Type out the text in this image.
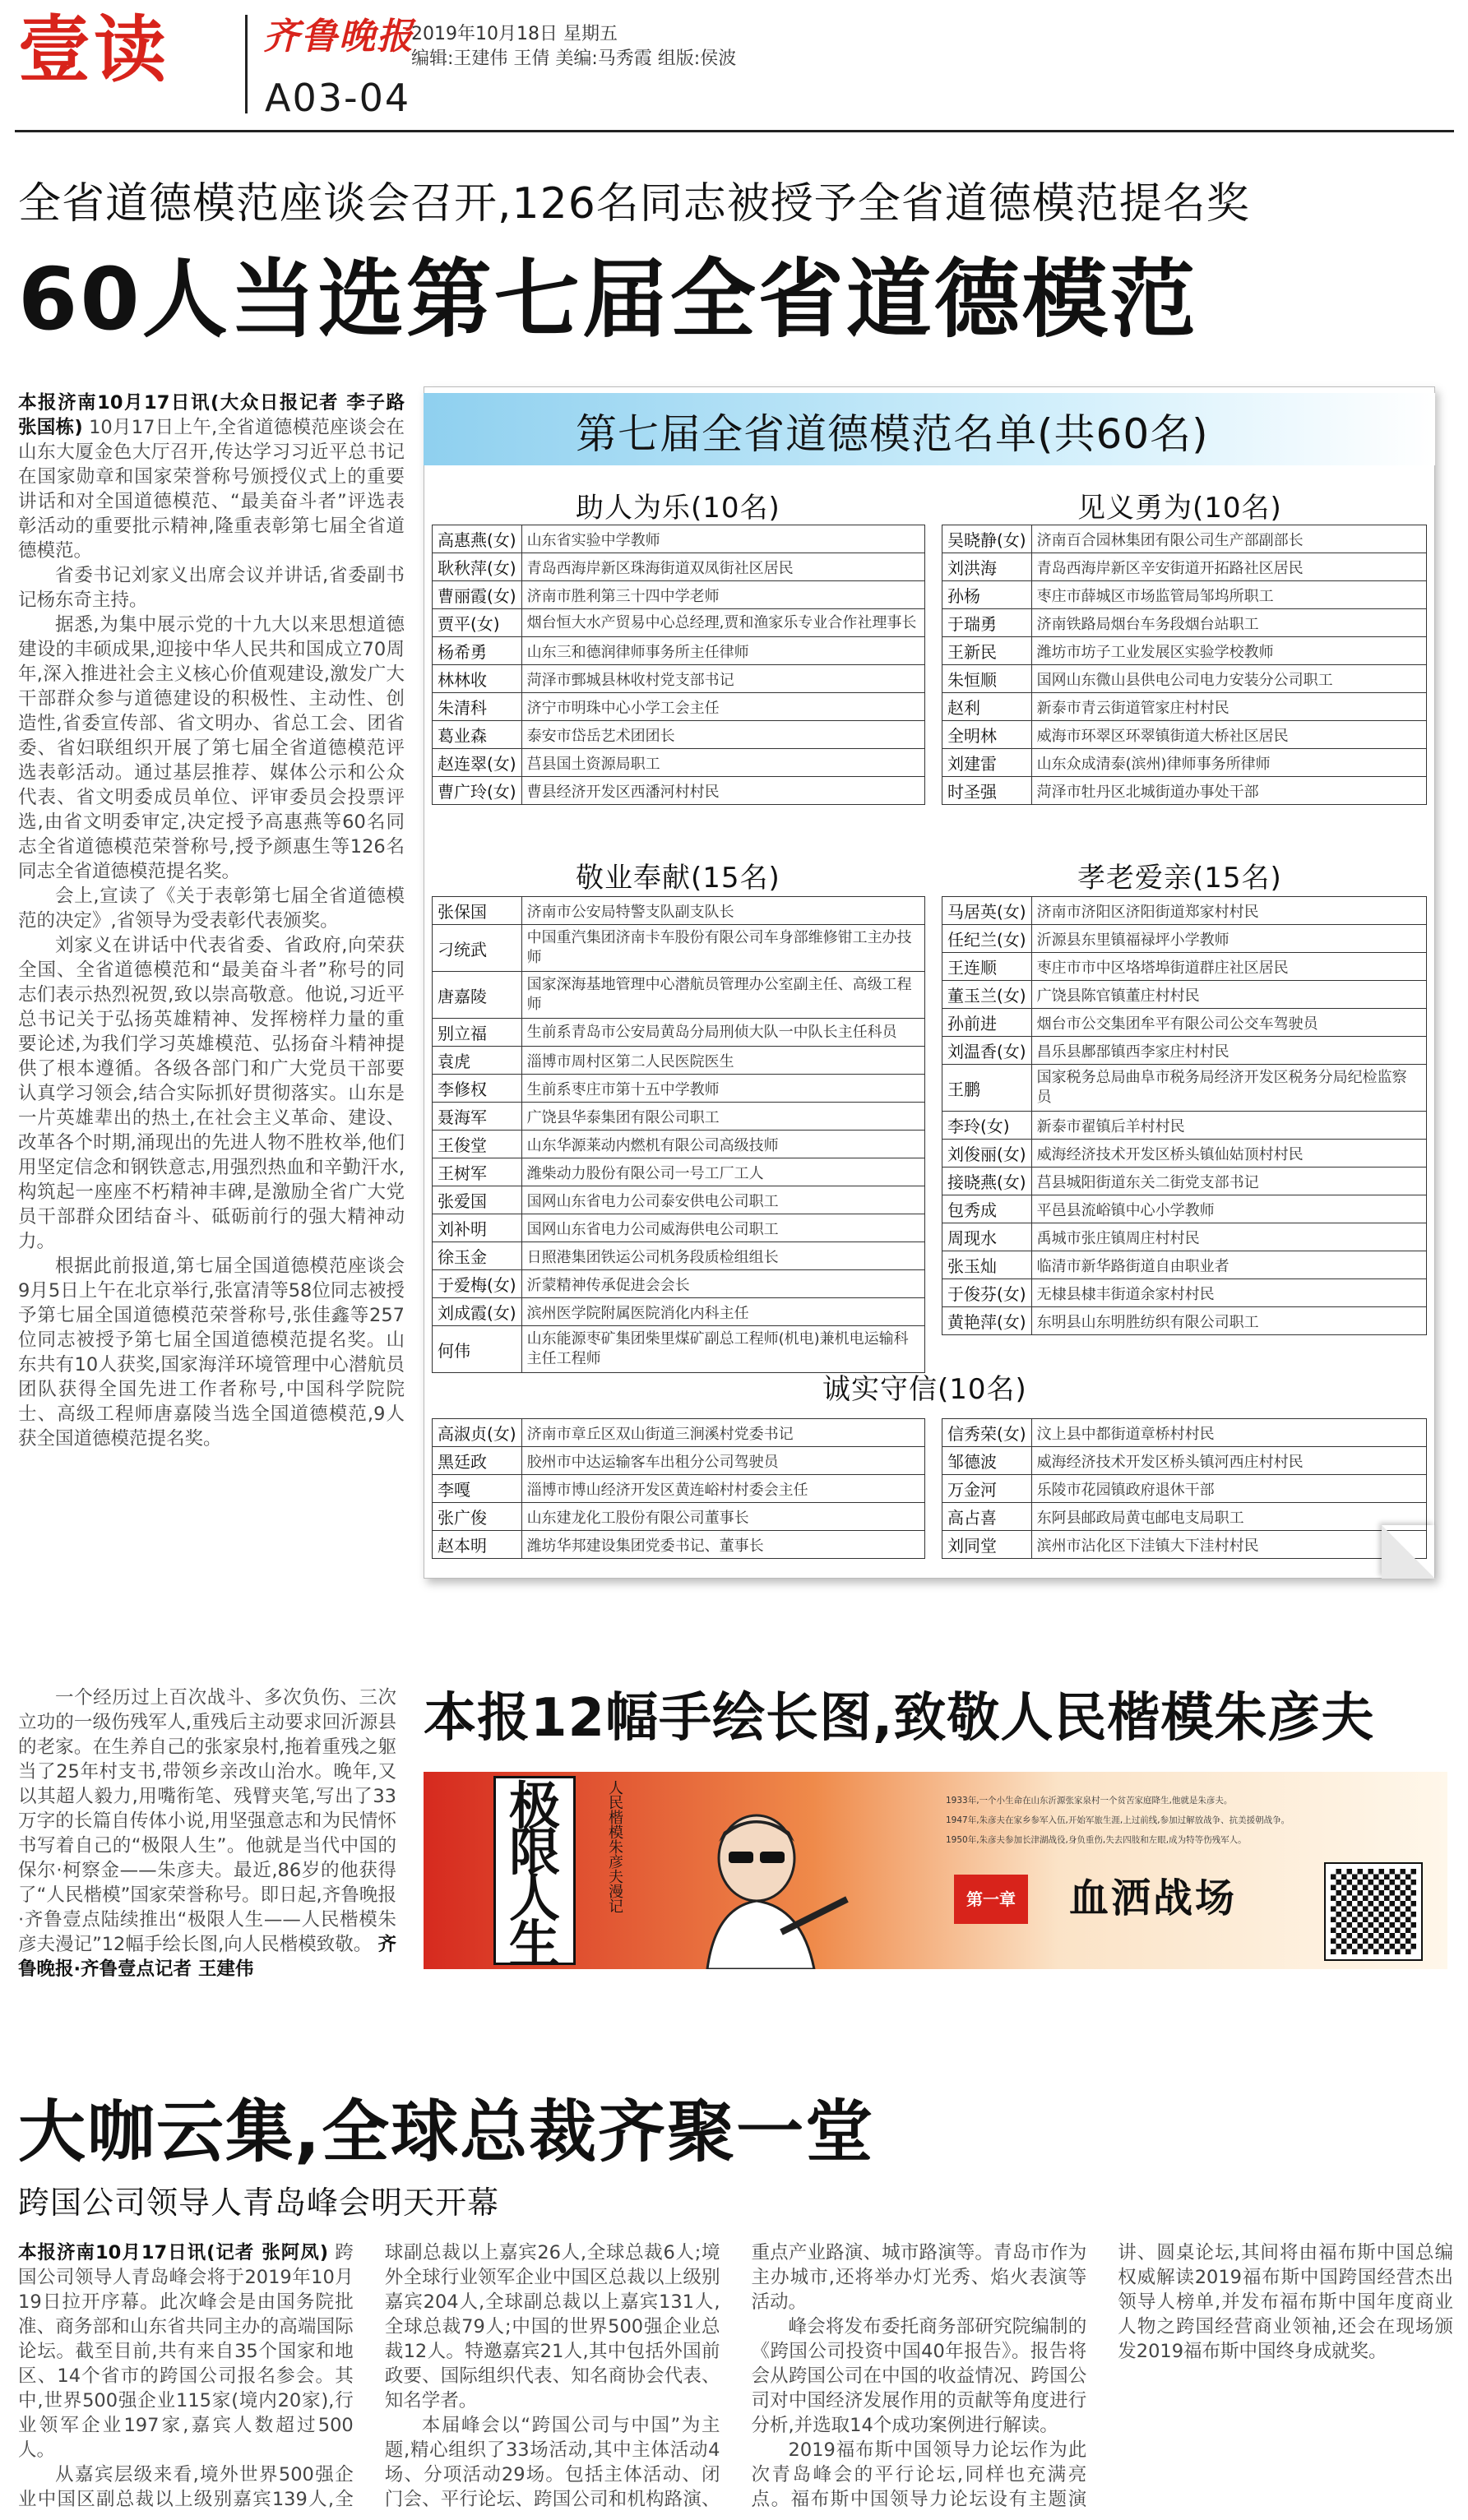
壹读	齐鲁晚报
A03-04
2019年10月18日 星期五
编辑:王建伟 王倩 美编:马秀霞 组版:侯波
全省道德模范座谈会召开,126名同志被授予全省道德模范提名奖
60人当选第七届全省道德模范

本报济南10月17日讯(大众日报记者 李子路 张国栋) 10月17日上午,全省道德模范座谈会在山东大厦金色大厅召开,传达学习习近平总书记在国家勋章和国家荣誉称号颁授仪式上的重要讲话和对全国道德模范、“最美奋斗者”评选表彰活动的重要批示精神,隆重表彰第七届全省道德模范。

省委书记刘家义出席会议并讲话,省委副书记杨东奇主持。

据悉,为集中展示党的十九大以来思想道德建设的丰硕成果,迎接中华人民共和国成立70周年,深入推进社会主义核心价值观建设,激发广大干部群众参与道德建设的积极性、主动性、创造性,省委宣传部、省文明办、省总工会、团省委、省妇联组织开展了第七届全省道德模范评选表彰活动。通过基层推荐、媒体公示和公众代表、省文明委成员单位、评审委员会投票评选,由省文明委审定,决定授予高惠燕等60名同志全省道德模范荣誉称号,授予颜惠生等126名同志全省道德模范提名奖。

会上,宣读了《关于表彰第七届全省道德模范的决定》,省领导为受表彰代表颁奖。

刘家义在讲话中代表省委、省政府,向荣获全国、全省道德模范和“最美奋斗者”称号的同志们表示热烈祝贺,致以崇高敬意。他说,习近平总书记关于弘扬英雄精神、发挥榜样力量的重要论述,为我们学习英雄模范、弘扬奋斗精神提供了根本遵循。各级各部门和广大党员干部要认真学习领会,结合实际抓好贯彻落实。山东是一片英雄辈出的热土,在社会主义革命、建设、改革各个时期,涌现出的先进人物不胜枚举,他们用坚定信念和钢铁意志,用强烈热血和辛勤汗水,构筑起一座座不朽精神丰碑,是激励全省广大党员干部群众团结奋斗、砥砺前行的强大精神动力。

根据此前报道,第七届全国道德模范座谈会9月5日上午在北京举行,张富清等58位同志被授予第七届全国道德模范荣誉称号,张佳鑫等257位同志被授予第七届全国道德模范提名奖。山东共有10人获奖,国家海洋环境管理中心潜航员团队获得全国先进工作者称号,中国科学院院士、高级工程师唐嘉陵当选全国道德模范,9人获全国道德模范提名奖。

第七届全省道德模范名单(共60名)
助人为乐(10名)
高惠燕(女)	山东省实验中学教师
耿秋萍(女)	青岛西海岸新区珠海街道双凤街社区居民
曹丽霞(女)	济南市胜利第三十四中学老师
贾平(女)	烟台恒大水产贸易中心总经理,贾和渔家乐专业合作社理事长
杨希勇	山东三和德润律师事务所主任律师
林林收	菏泽市鄄城县林收村党支部书记
朱清科	济宁市明珠中心小学工会主任
葛业森	泰安市岱岳艺术团团长
赵连翠(女)	莒县国土资源局职工
曹广玲(女)	曹县经济开发区西潘河村村民
见义勇为(10名)
吴晓静(女)	济南百合园林集团有限公司生产部副部长
刘洪海	青岛西海岸新区辛安街道开拓路社区居民
孙杨	枣庄市薛城区市场监管局邹坞所职工
于瑞勇	济南铁路局烟台车务段烟台站职工
王新民	潍坊市坊子工业发展区实验学校教师
朱恒顺	国网山东微山县供电公司电力安装分公司职工
赵利	新泰市青云街道管家庄村村民
全明林	威海市环翠区环翠镇街道大桥社区居民
刘建雷	山东众成清泰(滨州)律师事务所律师
时圣强	菏泽市牡丹区北城街道办事处干部
敬业奉献(15名)
张保国	济南市公安局特警支队副支队长
刁统武	中国重汽集团济南卡车股份有限公司车身部维修钳工主办技师
唐嘉陵	国家深海基地管理中心潜航员管理办公室副主任、高级工程师
别立福	生前系青岛市公安局黄岛分局刑侦大队一中队长主任科员
袁虎	淄博市周村区第二人民医院医生
李修权	生前系枣庄市第十五中学教师
聂海军	广饶县华泰集团有限公司职工
王俊堂	山东华源莱动内燃机有限公司高级技师
王树军	潍柴动力股份有限公司一号工厂工人
张爱国	国网山东省电力公司泰安供电公司职工
刘补明	国网山东省电力公司威海供电公司职工
徐玉金	日照港集团铁运公司机务段质检组组长
于爱梅(女)	沂蒙精神传承促进会会长
刘成霞(女)	滨州医学院附属医院消化内科主任
何伟	山东能源枣矿集团柴里煤矿副总工程师(机电)兼机电运输科主任工程师
孝老爱亲(15名)
马居英(女)	济南市济阳区济阳街道郑家村村民
任纪兰(女)	沂源县东里镇福禄坪小学教师
王连顺	枣庄市市中区垎塔埠街道群庄社区居民
董玉兰(女)	广饶县陈官镇董庄村村民
孙前进	烟台市公交集团牟平有限公司公交车驾驶员
刘温香(女)	昌乐县鄌郚镇西李家庄村村民
王鹏	国家税务总局曲阜市税务局经济开发区税务分局纪检监察员
李玲(女)	新泰市翟镇后羊村村民
刘俊丽(女)	威海经济技术开发区桥头镇仙姑顶村村民
接晓燕(女)	莒县城阳街道东关二街党支部书记
包秀成	平邑县流峪镇中心小学教师
周现水	禹城市张庄镇周庄村村民
张玉灿	临清市新华路街道自由职业者
于俊芬(女)	无棣县棣丰街道余家村村民
黄艳萍(女)	东明县山东明胜纺织有限公司职工
诚实守信(10名)
高淑贞(女)	济南市章丘区双山街道三涧溪村党委书记
黑廷政	胶州市中达运输客车出租分公司驾驶员
李嘎	淄博市博山经济开发区黄连峪村村委会主任
张广俊	山东建龙化工股份有限公司董事长
赵本明	潍坊华邦建设集团党委书记、董事长
信秀荣(女)	汶上县中都街道章桥村村民
邹德波	威海经济技术开发区桥头镇河西庄村村民
万金河	乐陵市花园镇政府退休干部
高占喜	东阿县邮政局黄屯邮电支局职工
刘同堂	滨州市沾化区下洼镇大下洼村村民

一个经历过上百次战斗、多次负伤、三次立功的一级伤残军人,重残后主动要求回沂源县的老家。在生养自己的张家泉村,拖着重残之躯当了25年村支书,带领乡亲改山治水。晚年,又以其超人毅力,用嘴衔笔、残臂夹笔,写出了33万字的长篇自传体小说,用坚强意志和为民情怀书写着自己的“极限人生”。他就是当代中国的保尔·柯察金——朱彦夫。最近,86岁的他获得了“人民楷模”国家荣誉称号。即日起,齐鲁晚报·齐鲁壹点陆续推出“极限人生——人民楷模朱彦夫漫记”12幅手绘长图,向人民楷模致敬。 齐鲁晚报·齐鲁壹点记者 王建伟

本报12幅手绘长图,致敬人民楷模朱彦夫
极限人生
人民楷模朱彦夫漫记	1933年,一个小生命在山东沂源张家泉村一个贫苦家庭降生,他就是朱彦夫。
1947年,朱彦夫在家乡参军入伍,开始军旅生涯,上过前线,参加过解放战争、抗美援朝战争。
1950年,朱彦夫参加长津湖战役,身负重伤,失去四肢和左眼,成为特等伤残军人。
第一章	血洒战场
大咖云集,全球总裁齐聚一堂
跨国公司领导人青岛峰会明天开幕

本报济南10月17日讯(记者 张阿凤) 跨国公司领导人青岛峰会将于2019年10月19日拉开序幕。此次峰会是由国务院批准、商务部和山东省共同主办的高端国际论坛。截至目前,共有来自35个国家和地区、14个省市的跨国公司报名参会。其中,世界500强企业115家(境内20家),行业领军企业197家,嘉宾人数超过500人。

从嘉宾层级来看,境外世界500强企业中国区副总裁以上级别嘉宾139人,全球副总裁以上嘉宾26人,全球总裁6人;境外全球行业领军企业中国区总裁以上级别嘉宾204人,全球副总裁以上嘉宾131人,全球总裁79人;中国的世界500强企业总裁12人。特邀嘉宾21人,其中包括外国前政要、国际组织代表、知名商协会代表、知名学者。

本届峰会以“跨国公司与中国”为主题,精心组织了33场活动,其中主体活动4场、分项活动29场。包括主体活动、闭门会、平行论坛、跨国公司和机构路演、重点产业路演、城市路演等。青岛市作为主办城市,还将举办灯光秀、焰火表演等活动。

峰会将发布委托商务部研究院编制的《跨国公司投资中国40年报告》。报告将会从跨国公司在中国的收益情况、跨国公司对中国经济发展作用的贡献等角度进行分析,并选取14个成功案例进行解读。

2019福布斯中国领导力论坛作为此次青岛峰会的平行论坛,同样也充满亮点。福布斯中国领导力论坛设有主题演讲、圆桌论坛,其间将由福布斯中国总编权威解读2019福布斯中国跨国经营杰出领导人榜单,并发布福布斯中国年度商业人物之跨国经营商业领袖,还会在现场颁发2019福布斯中国终身成就奖。
